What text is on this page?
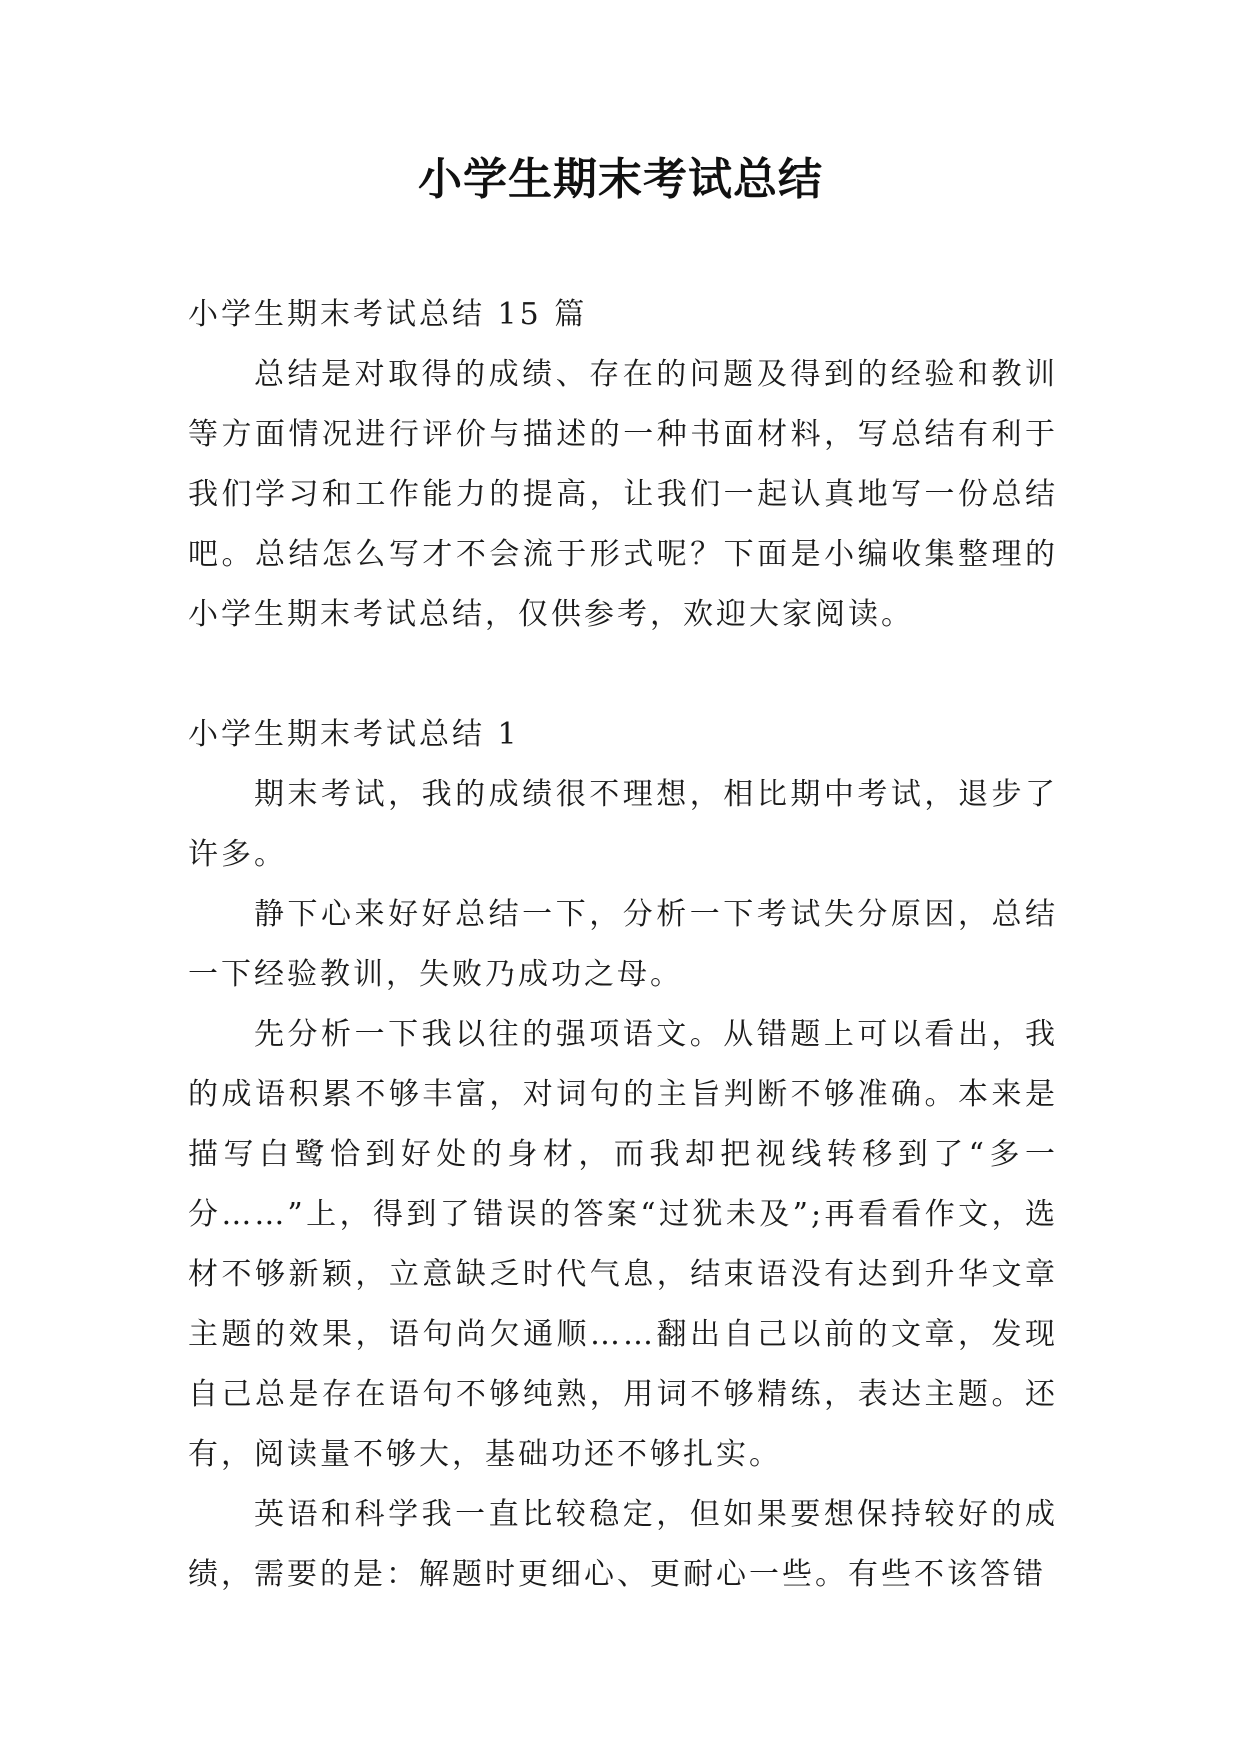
小学生期末考试总结

小学生期末考试总结 15 篇

总结是对取得的成绩、存在的问题及得到的经验和教训等方面情况进行评价与描述的一种书面材料，写总结有利于我们学习和工作能力的提高，让我们一起认真地写一份总结吧。总结怎么写才不会流于形式呢？下面是小编收集整理的小学生期末考试总结，仅供参考，欢迎大家阅读。

小学生期末考试总结 1

期末考试，我的成绩很不理想，相比期中考试，退步了许多。

静下心来好好总结一下，分析一下考试失分原因，总结一下经验教训，失败乃成功之母。

先分析一下我以往的强项语文。从错题上可以看出，我的成语积累不够丰富，对词句的主旨判断不够准确。本来是描写白鹭恰到好处的身材，而我却把视线转移到了“多一分……”上，得到了错误的答案“过犹未及”;再看看作文，选材不够新颖，立意缺乏时代气息，结束语没有达到升华文章主题的效果，语句尚欠通顺……翻出自己以前的文章，发现自己总是存在语句不够纯熟，用词不够精练，表达主题。还有，阅读量不够大，基础功还不够扎实。

英语和科学我一直比较稳定，但如果要想保持较好的成绩，需要的是：解题时更细心、更耐心一些。有些不该答错
